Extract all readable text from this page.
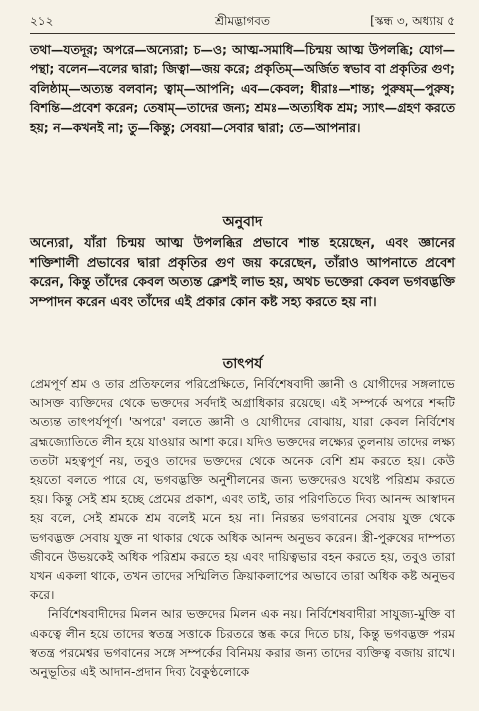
২১২	শ্রীমদ্ভাগবত	[স্কন্ধ ৩, অধ্যায় ৫
তথা—যতদূর; অপরে—অন্যেরা; চ—ও; আত্ম-সমাধি—চিন্ময় আত্ম উপলব্ধি; যোগ—পন্থা; বলেন—বলের দ্বারা; জিত্বা—জয় করে; প্রকৃতিম্—অর্জিত স্বভাব বা প্রকৃতির গুণ; বলিষ্ঠাম্—অত্যন্ত বলবান; ত্বাম্—আপনি; এব—কেবল; ধীরাঃ—শান্ত; পুরুষম্—পুরুষ; বিশন্তি—প্রবেশ করেন; তেষাম্—তাদের জন্য; শ্রমঃ—অত্যধিক শ্রম; স্যাৎ—গ্রহণ করতে হয়; ন—কখনই না; তু—কিন্তু; সেবয়া—সেবার দ্বারা; তে—আপনার।
অনুবাদ
অন্যেরা, যাঁরা চিন্ময় আত্ম উপলব্ধির প্রভাবে শান্ত হয়েছেন, এবং জ্ঞানের শক্তিশালী প্রভাবের দ্বারা প্রকৃতির গুণ জয় করেছেন, তাঁরাও আপনাতে প্রবেশ করেন, কিন্তু তাঁদের কেবল অত্যন্ত ক্লেশই লাভ হয়, অথচ ভক্তেরা কেবল ভগবদ্ভক্তি সম্পাদন করেন এবং তাঁদের এই প্রকার কোন কষ্ট সহ্য করতে হয় না।
তাৎপর্য

প্রেমপূর্ণ শ্রম ও তার প্রতিফলের পরিপ্রেক্ষিতে, নির্বিশেষবাদী জ্ঞানী ও যোগীদের সঙ্গলাভে আসক্ত ব্যক্তিদের থেকে ভক্তদের সর্বদাই অগ্রাধিকার রয়েছে। এই সম্পর্কে অপরে শব্দটি অত্যন্ত তাৎপর্যপূর্ণ। 'অপরে' বলতে জ্ঞানী ও যোগীদের বোঝায়, যারা কেবল নির্বিশেষ ব্রহ্মজ্যোতিতে লীন হয়ে যাওয়ার আশা করে। যদিও ভক্তদের লক্ষ্যের তুলনায় তাদের লক্ষ্য ততটা মহত্বপূর্ণ নয়, তবুও তাদের ভক্তদের থেকে অনেক বেশি শ্রম করতে হয়। কেউ হয়তো বলতে পারে যে, ভগবদ্ভক্তি অনুশীলনের জন্য ভক্তদেরও যথেষ্ট পরিশ্রম করতে হয়। কিন্তু সেই শ্রম হচ্ছে প্রেমের প্রকাশ, এবং তাই, তার পরিণতিতে দিব্য আনন্দ আস্বাদন হয় বলে, সেই শ্রমকে শ্রম বলেই মনে হয় না। নিরন্তর ভগবানের সেবায় যুক্ত থেকে ভগবদ্ভক্ত সেবায় যুক্ত না থাকার থেকে অধিক আনন্দ অনুভব করেন। স্ত্রী-পুরুষের দাম্পত্য জীবনে উভয়কেই অধিক পরিশ্রম করতে হয় এবং দায়িত্বভার বহন করতে হয়, তবুও তারা যখন একলা থাকে, তখন তাদের সম্মিলিত ক্রিয়াকলাপের অভাবে তারা অধিক কষ্ট অনুভব করে।

নির্বিশেষবাদীদের মিলন আর ভক্তদের মিলন এক নয়। নির্বিশেষবাদীরা সাযুজ্য-মুক্তি বা একত্বে লীন হয়ে তাদের স্বতন্ত্র সত্তাকে চিরতরে স্তব্ধ করে দিতে চায়, কিন্তু ভগবদ্ভক্ত পরম স্বতন্ত্র পরমেশ্বর ভগবানের সঙ্গে সম্পর্কের বিনিময় করার জন্য তাদের ব্যক্তিত্ব বজায় রাখে। অনুভূতির এই আদান-প্রদান দিব্য বৈকুণ্ঠলোকে
